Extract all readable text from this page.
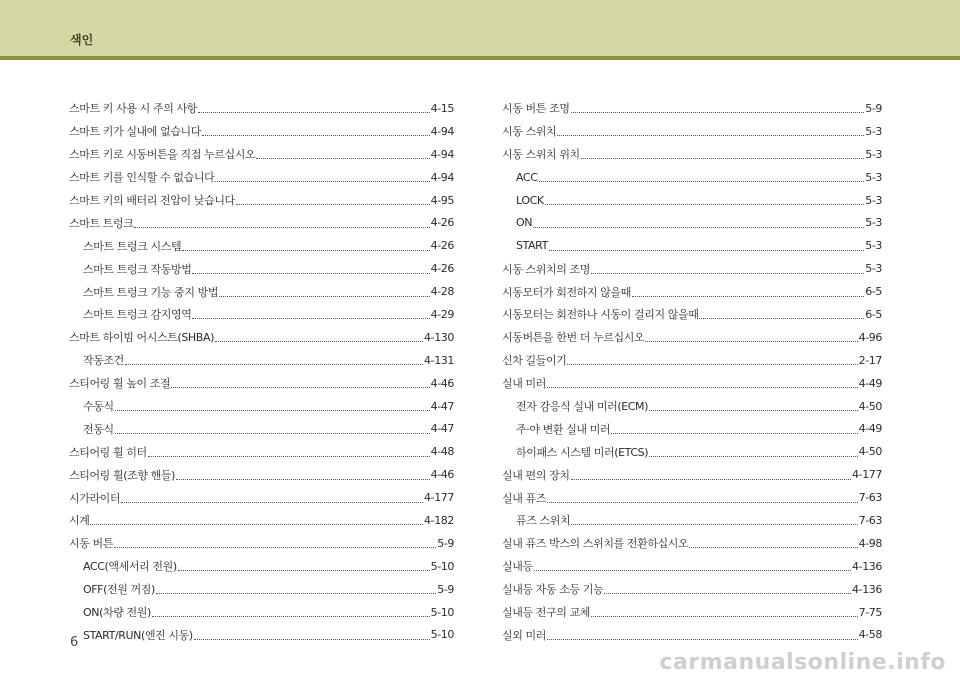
색인
스마트 키 사용 시 주의 사항	4-15
스마트 키가 실내에 없습니다	4-94
스마트 키로 시동버튼을 직접 누르십시오	4-94
스마트 키를 인식할 수 없습니다	4-94
스마트 키의 배터리 전압이 낮습니다	4-95
스마트 트렁크	4-26
스마트 트렁크 시스템	4-26
스마트 트렁크 작동방법	4-26
스마트 트렁크 기능 중지 방법	4-28
스마트 트렁크 감지영역	4-29
스마트 하이빔 어시스트(SHBA)	4-130
작동조건	4-131
스티어링 휠 높이 조절	4-46
수동식	4-47
전동식	4-47
스티어링 휠 히터	4-48
스티어링 휠(조향 핸들)	4-46
시가라이터	4-177
시계	4-182
시동 버튼	5-9
ACC(액세서리 전원)	5-10
OFF(전원 꺼짐)	5-9
ON(차량 전원)	5-10
START/RUN(엔진 시동)	5-10
시동 버튼 조명	5-9
시동 스위치	5-3
시동 스위치 위치	5-3
ACC	5-3
LOCK	5-3
ON	5-3
START	5-3
시동 스위치의 조명	5-3
시동모터가 회전하지 않을때	6-5
시동모터는 회전하나 시동이 걸리지 않을때	6-5
시동버튼을 한번 더 누르십시오	4-96
신차 길들이기	2-17
실내 미러	4-49
전자 감응식 실내 미러(ECM)	4-50
주·야 변환 실내 미러	4-49
하이패스 시스템 미러(ETCS)	4-50
실내 편의 장치	4-177
실내 퓨즈	7-63
퓨즈 스위치	7-63
실내 퓨즈 박스의 스위치를 전환하십시오	4-98
실내등	4-136
실내등 자동 소등 기능	4-136
실내등 전구의 교체	7-75
실외 미러	4-58
6
carmanualsonline.info
